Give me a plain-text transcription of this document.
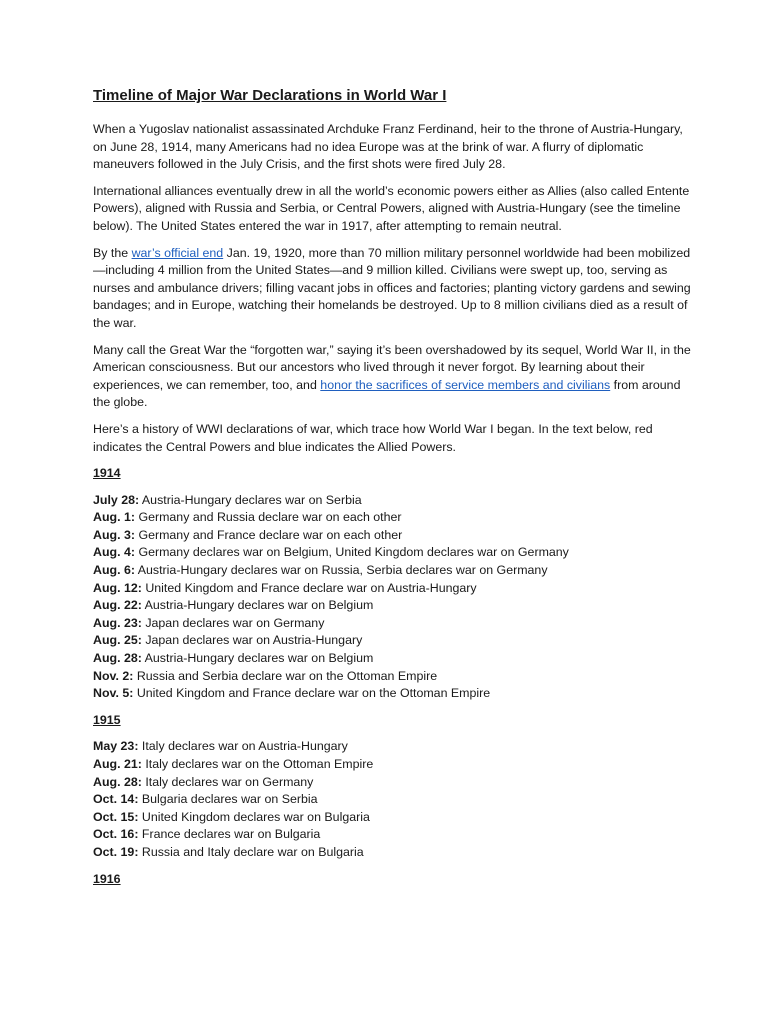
Timeline of Major War Declarations in World War I

When a Yugoslav nationalist assassinated Archduke Franz Ferdinand, heir to the throne of Austria-Hungary, on June 28, 1914, many Americans had no idea Europe was at the brink of war. A flurry of diplomatic maneuvers followed in the July Crisis, and the first shots were fired July 28.

International alliances eventually drew in all the world’s economic powers either as Allies (also called Entente Powers), aligned with Russia and Serbia, or Central Powers, aligned with Austria-Hungary (see the timeline below). The United States entered the war in 1917, after attempting to remain neutral.

By the war’s official end Jan. 19, 1920, more than 70 million military personnel worldwide had been mobilized—including 4 million from the United States—and 9 million killed. Civilians were swept up, too, serving as nurses and ambulance drivers; filling vacant jobs in offices and factories; planting victory gardens and sewing bandages; and in Europe, watching their homelands be destroyed. Up to 8 million civilians died as a result of the war.

Many call the Great War the “forgotten war,” saying it’s been overshadowed by its sequel, World War II, in the American consciousness. But our ancestors who lived through it never forgot. By learning about their experiences, we can remember, too, and honor the sacrifices of service members and civilians from around the globe.

Here’s a history of WWI declarations of war, which trace how World War I began. In the text below, red indicates the Central Powers and blue indicates the Allied Powers.

1914
July 28: Austria-Hungary declares war on Serbia
Aug. 1: Germany and Russia declare war on each other
Aug. 3: Germany and France declare war on each other
Aug. 4: Germany declares war on Belgium, United Kingdom declares war on Germany
Aug. 6: Austria-Hungary declares war on Russia, Serbia declares war on Germany
Aug. 12: United Kingdom and France declare war on Austria-Hungary
Aug. 22: Austria-Hungary declares war on Belgium
Aug. 23: Japan declares war on Germany
Aug. 25: Japan declares war on Austria-Hungary
Aug. 28: Austria-Hungary declares war on Belgium
Nov. 2: Russia and Serbia declare war on the Ottoman Empire
Nov. 5: United Kingdom and France declare war on the Ottoman Empire
1915
May 23: Italy declares war on Austria-Hungary
Aug. 21: Italy declares war on the Ottoman Empire
Aug. 28: Italy declares war on Germany
Oct. 14: Bulgaria declares war on Serbia
Oct. 15: United Kingdom declares war on Bulgaria
Oct. 16: France declares war on Bulgaria
Oct. 19: Russia and Italy declare war on Bulgaria
1916
